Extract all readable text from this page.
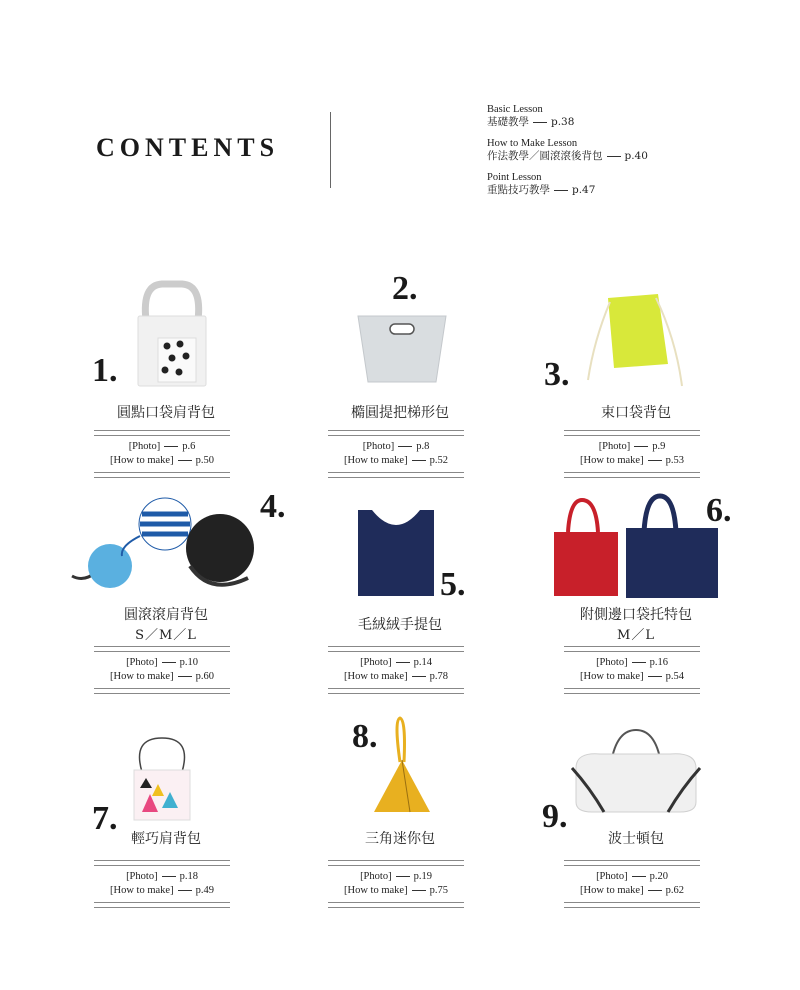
CONTENTS
Basic Lesson
基礎教學 p.38
How to Make Lesson
作法教學／圓滾滾後背包 p.40
Point Lesson
重點技巧教學 p.47
1.
圓點口袋肩背包
[Photo] p.6
[How to make] p.50
2.
橢圓提把梯形包
[Photo] p.8
[How to make] p.52
3.
束口袋背包
[Photo] p.9
[How to make] p.53
4.
圓滾滾肩背包
S／M／L
[Photo] p.10
[How to make] p.60
5.
毛絨絨手提包
[Photo] p.14
[How to make] p.78
6.
附側邊口袋托特包
M／L
[Photo] p.16
[How to make] p.54
7.
輕巧肩背包
[Photo] p.18
[How to make] p.49
8.
三角迷你包
[Photo] p.19
[How to make] p.75
9.
波士頓包
[Photo] p.20
[How to make] p.62
